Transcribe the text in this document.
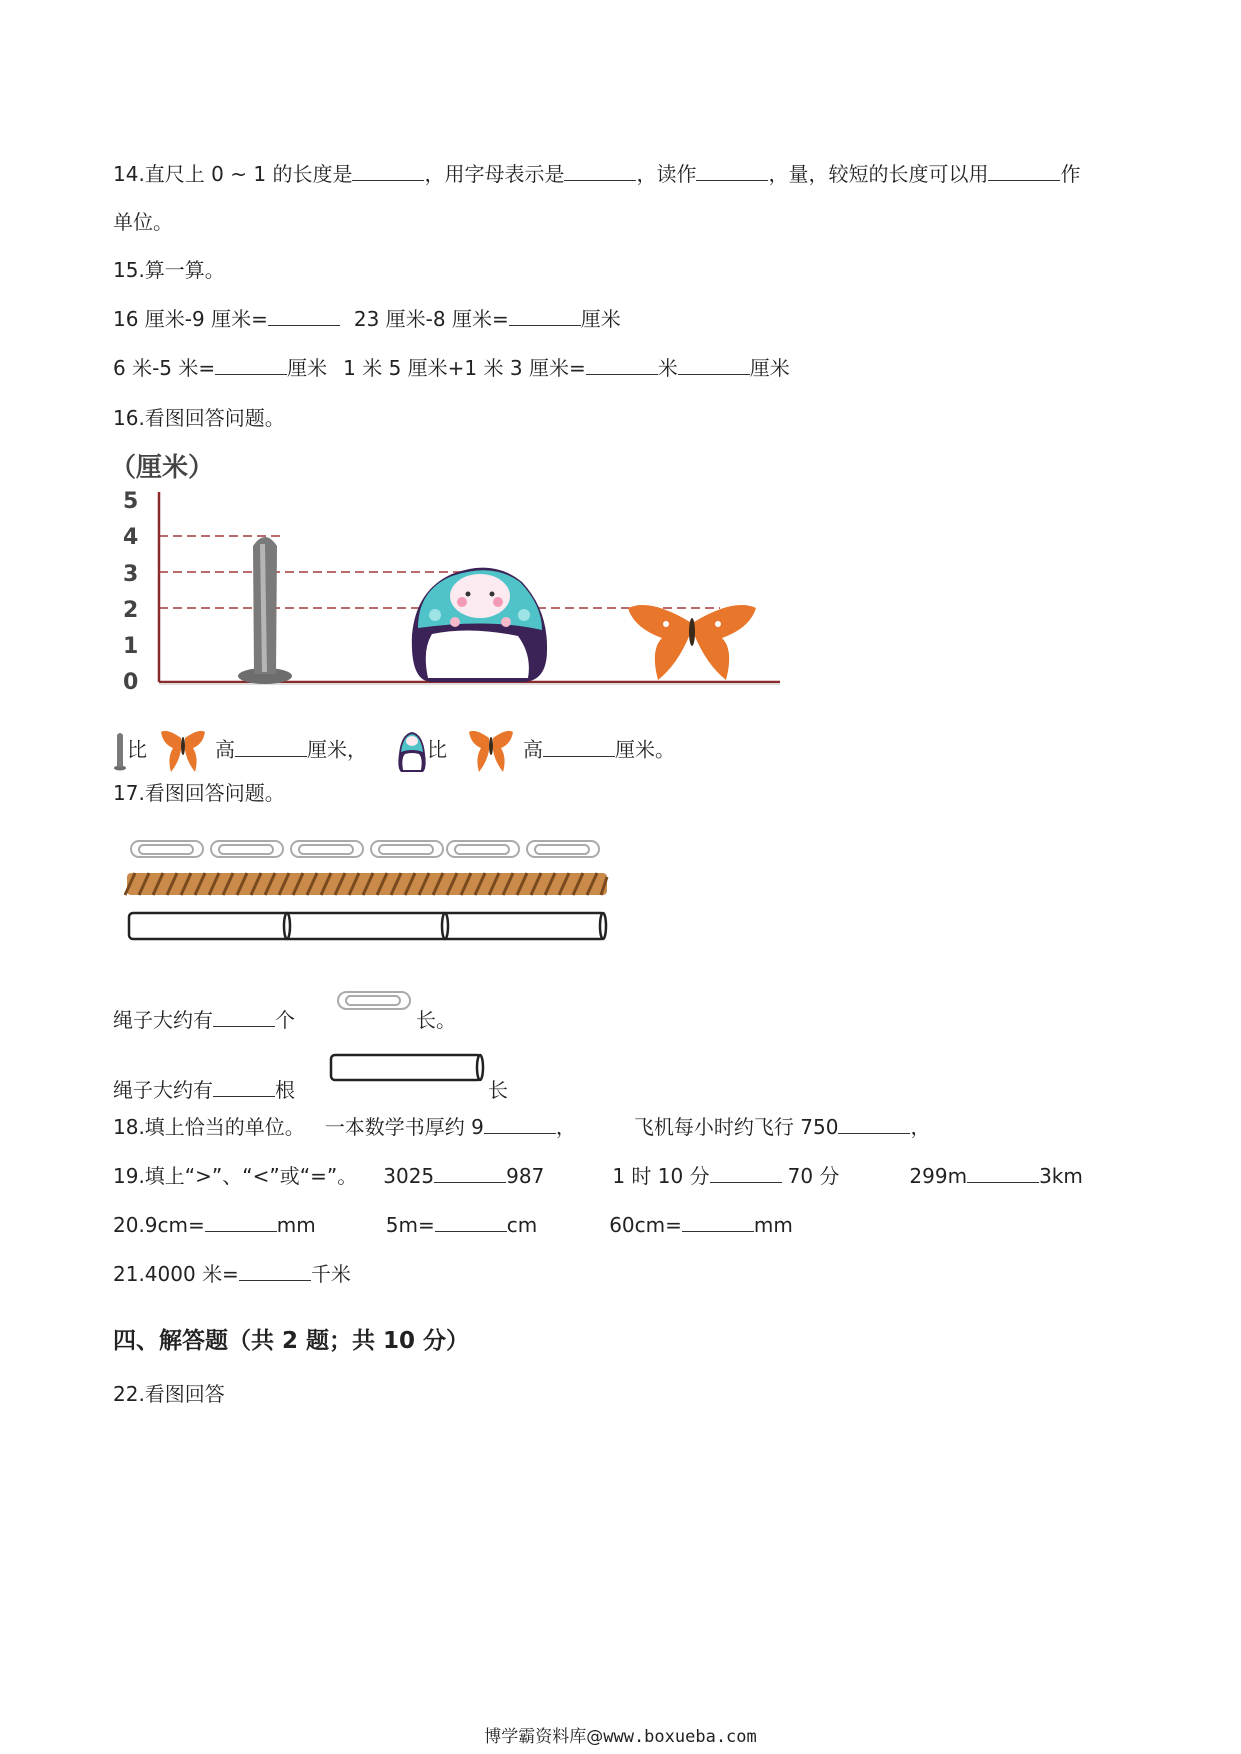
14.直尺上 0 ~ 1 的长度是	，用字母表示是	，读作	，量，较短的长度可以用	作
单位。
15.算一算。
16 厘米-9 厘米=	23 厘米-8 厘米=	厘米
6 米-5 米=	厘米 1 米 5 厘米+1 米 3 厘米=	米	厘米
16.看图回答问题。
（厘米）
5
4
3
2
1
0
比	高	厘米，	比	高	厘米。
17.看图回答问题。
绳子大约有	个	长。
绳子大约有	根	长
18.填上恰当的单位。 一本数学书厚约 9	，	飞机每小时约飞行 750	，
19.填上“>”、“<”或“=”。 3025	987	1 时 10 分	70 分	299m	3km
20.9cm=	mm	5m=	cm	60cm=	mm
21.4000 米=	千米
四、解答题（共 2 题；共 10 分）
22.看图回答
博学霸资料库@www.boxueba.com
